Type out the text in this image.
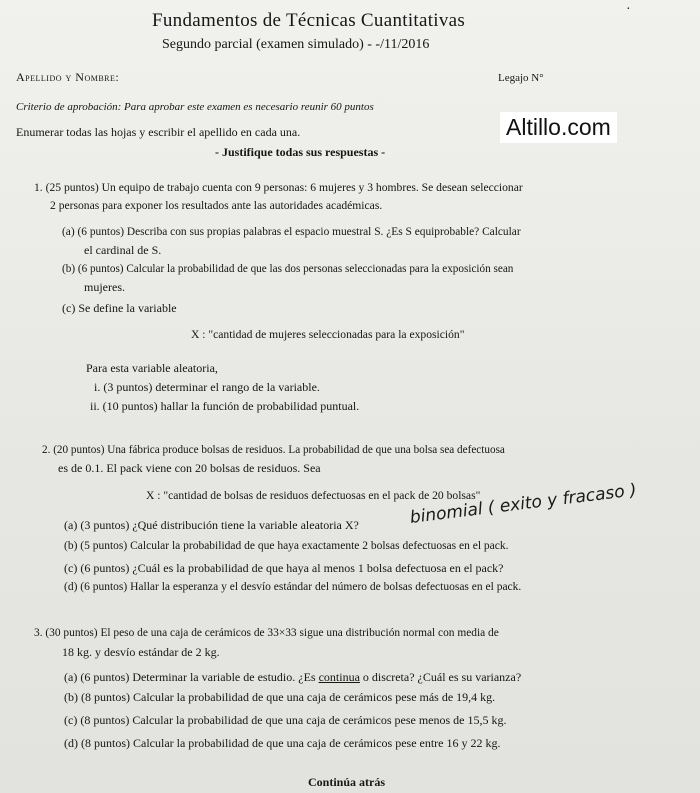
·
Fundamentos de Técnicas Cuantitativas
Segundo parcial (examen simulado) - -/11/2016
Apellido y Nombre:	Legajo N°
Criterio de aprobación: Para aprobar este examen es necesario reunir 60 puntos
Enumerar todas las hojas y escribir el apellido en cada una.
- Justifique todas sus respuestas -
Altillo.com
1. (25 puntos) Un equipo de trabajo cuenta con 9 personas: 6 mujeres y 3 hombres. Se desean seleccionar
2 personas para exponer los resultados ante las autoridades académicas.
(a) (6 puntos) Describa con sus propias palabras el espacio muestral S. ¿Es S equiprobable? Calcular
el cardinal de S.
(b) (6 puntos) Calcular la probabilidad de que las dos personas seleccionadas para la exposición sean
mujeres.
(c) Se define la variable
X : "cantidad de mujeres seleccionadas para la exposición"
Para esta variable aleatoria,
i. (3 puntos) determinar el rango de la variable.
ii. (10 puntos) hallar la función de probabilidad puntual.
2. (20 puntos) Una fábrica produce bolsas de residuos. La probabilidad de que una bolsa sea defectuosa
es de 0.1. El pack viene con 20 bolsas de residuos. Sea
X : "cantidad de bolsas de residuos defectuosas en el pack de 20 bolsas"
(a) (3 puntos) ¿Qué distribución tiene la variable aleatoria X?	binomial ( exito y fracaso )
(b) (5 puntos) Calcular la probabilidad de que haya exactamente 2 bolsas defectuosas en el pack.
(c) (6 puntos) ¿Cuál es la probabilidad de que haya al menos 1 bolsa defectuosa en el pack?
(d) (6 puntos) Hallar la esperanza y el desvío estándar del número de bolsas defectuosas en el pack.
3. (30 puntos) El peso de una caja de cerámicos de 33×33 sigue una distribución normal con media de
18 kg. y desvío estándar de 2 kg.
(a) (6 puntos) Determinar la variable de estudio. ¿Es continua o discreta? ¿Cuál es su varianza?
(b) (8 puntos) Calcular la probabilidad de que una caja de cerámicos pese más de 19,4 kg.
(c) (8 puntos) Calcular la probabilidad de que una caja de cerámicos pese menos de 15,5 kg.
(d) (8 puntos) Calcular la probabilidad de que una caja de cerámicos pese entre 16 y 22 kg.
Continúa atrás
